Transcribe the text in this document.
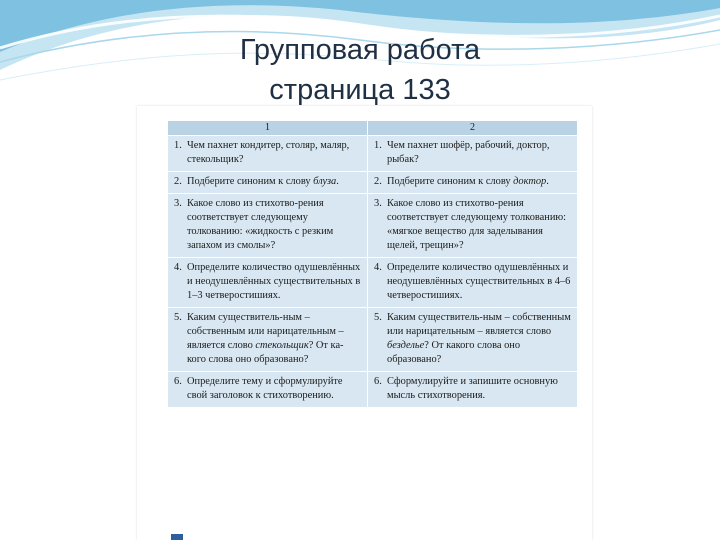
Групповая работа
страница 133
1	2

1. Чем пахнет кондитер, столяр, маляр, стекольщик?	1. Чем пахнет шофёр, рабочий, доктор, рыбак?

2. Подберите синоним к слову блуза.	2. Подберите синоним к слову доктор.

3. Какое слово из стихотво-рения соответствует следующему толкованию: «жидкость с резким запахом из смолы»?	3. Какое слово из стихотво-рения соответствует следующему толкованию: «мягкое вещество для заделывания щелей, трещин»?

4. Определите количество одушевлённых и неодушевлённых существительных в 1–3 четверостишиях.	4. Определите количество одушевлённых и неодушевлённых существительных в 4–6 четверостишиях.

5. Каким существитель-ным – собственным или нарицательным – является слово стекольщик? От ка-кого слова оно образовано?	5. Каким существитель-ным – собственным или нарицательным – является слово безделье? От какого слова оно образовано?

6. Определите тему и сформулируйте свой заголовок к стихотворению.	6. Сформулируйте и запишите основную мысль стихотворения.
